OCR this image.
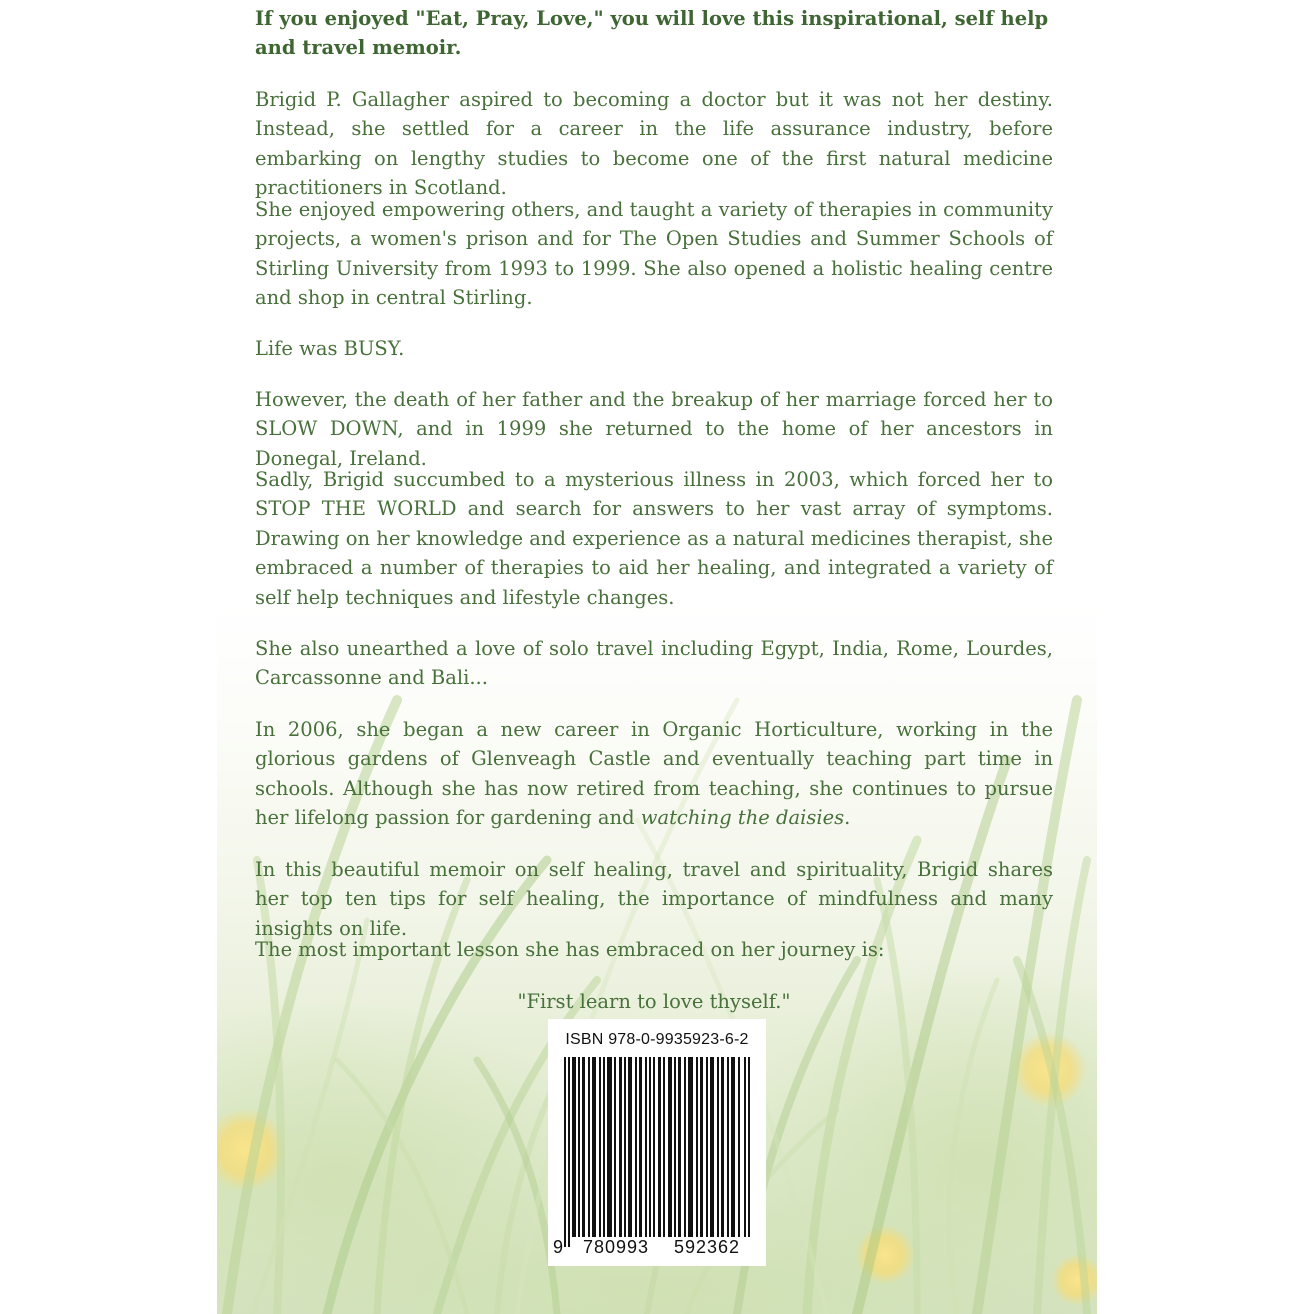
If you enjoyed "Eat, Pray, Love," you will love this inspirational, self help and travel memoir.

Brigid P. Gallagher aspired to becoming a doctor but it was not her destiny. Instead, she settled for a career in the life assurance industry, before embarking on lengthy studies to become one of the first natural medicine practitioners in Scotland.

She enjoyed empowering others, and taught a variety of therapies in community projects, a women's prison and for The Open Studies and Summer Schools of Stirling University from 1993 to 1999. She also opened a holistic healing centre and shop in central Stirling.

Life was BUSY.

However, the death of her father and the breakup of her marriage forced her to SLOW DOWN, and in 1999 she returned to the home of her ancestors in Donegal, Ireland.

Sadly, Brigid succumbed to a mysterious illness in 2003, which forced her to STOP THE WORLD and search for answers to her vast array of symptoms. Drawing on her knowledge and experience as a natural medicines therapist, she embraced a number of therapies to aid her healing, and integrated a variety of self help techniques and lifestyle changes.

She also unearthed a love of solo travel including Egypt, India, Rome, Lourdes, Carcassonne and Bali...

In 2006, she began a new career in Organic Horticulture, working in the glorious gardens of Glenveagh Castle and eventually teaching part time in schools. Although she has now retired from teaching, she continues to pursue her lifelong passion for gardening and watching the daisies.

In this beautiful memoir on self healing, travel and spirituality, Brigid shares her top ten tips for self healing, the importance of mindfulness and many insights on life.

The most important lesson she has embraced on her journey is:

"First learn to love thyself."

ISBN 978-0-9935923-6-2
9	780993	592362
